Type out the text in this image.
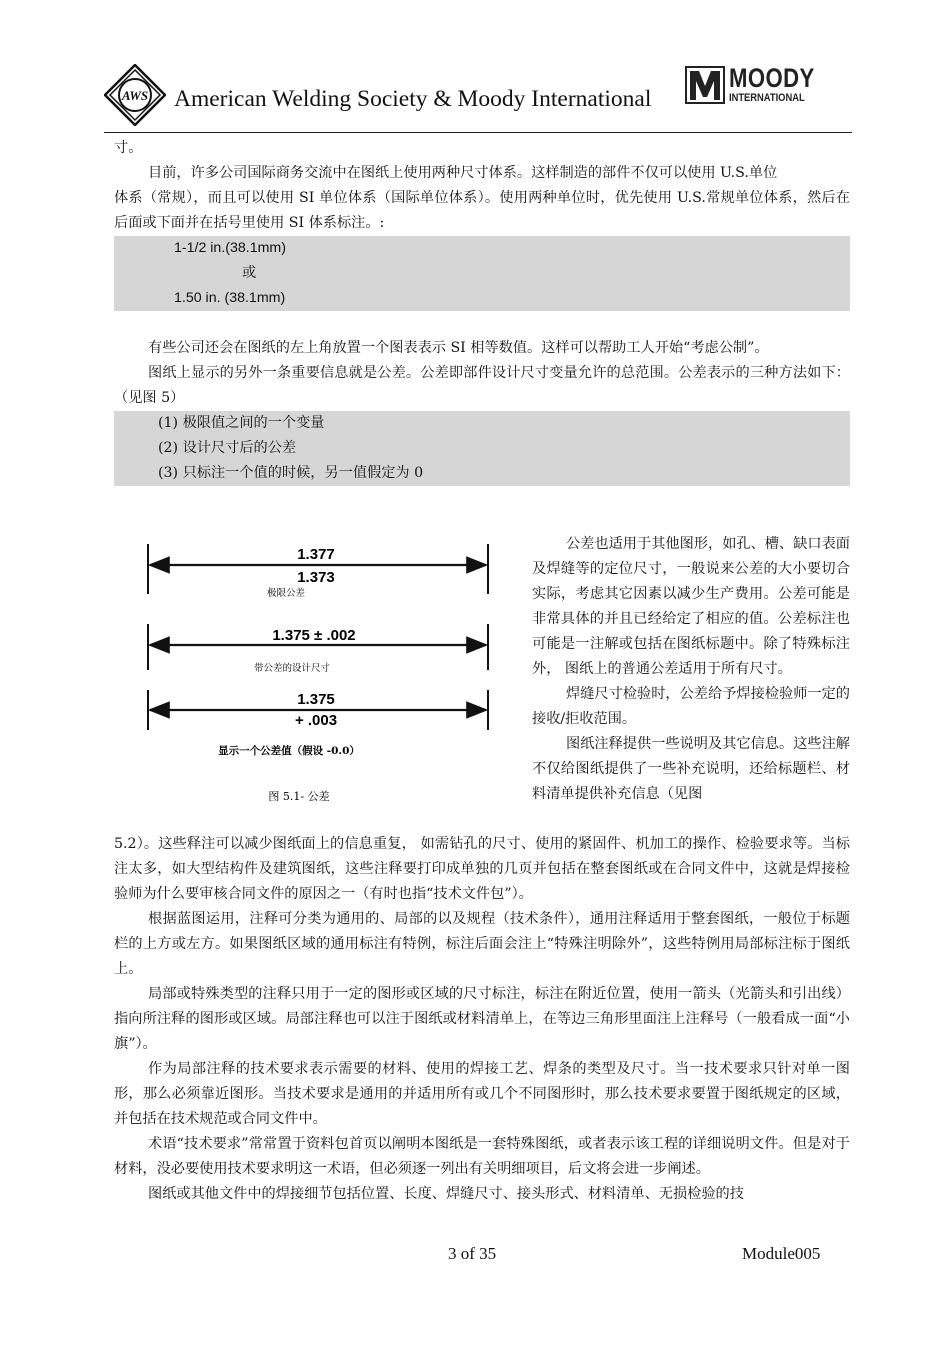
AWS American Welding Society & Moody International
MOODY
INTERNATIONAL

寸。

目前，许多公司国际商务交流中在图纸上使用两种尺寸体系。这样制造的部件不仅可以使用 U.S.单位

体系（常规），而且可以使用 SI 单位体系（国际单位体系）。使用两种单位时，优先使用 U.S.常规单位体系，然后在后面或下面并在括号里使用 SI 体系标注。:

1-1/2 in.(38.1mm)
或
1.50 in. (38.1mm)

有些公司还会在图纸的左上角放置一个图表表示 SI 相等数值。这样可以帮助工人开始“考虑公制”。

图纸上显示的另外一条重要信息就是公差。公差即部件设计尺寸变量允许的总范围。公差表示的三种方法如下：（见图 5）

(1) 极限值之间的一个变量
(2) 设计尺寸后的公差
(3) 只标注一个值的时候，另一值假定为 0
1.377
1.373
极限公差
1.375 ± .002
带公差的设计尺寸
1.375
+ .003
显示一个公差值（假设 -0.0）
图 5.1- 公差

公差也适用于其他图形，如孔、槽、缺口表面及焊缝等的定位尺寸，一般说来公差的大小要切合实际，考虑其它因素以减少生产费用。公差可能是非常具体的并且已经给定了相应的值。公差标注也可能是一注解或包括在图纸标题中。除了特殊标注外， 图纸上的普通公差适用于所有尺寸。

焊缝尺寸检验时，公差给予焊接检验师一定的接收/拒收范围。

图纸注释提供一些说明及其它信息。这些注解不仅给图纸提供了一些补充说明，还给标题栏、材料清单提供补充信息（见图

5.2）。这些释注可以减少图纸面上的信息重复， 如需钻孔的尺寸、使用的紧固件、机加工的操作、检验要求等。当标注太多，如大型结构件及建筑图纸，这些注释要打印成单独的几页并包括在整套图纸或在合同文件中，这就是焊接检验师为什么要审核合同文件的原因之一（有时也指“技术文件包”）。

根据蓝图运用，注释可分类为通用的、局部的以及规程（技术条件），通用注释适用于整套图纸，一般位于标题栏的上方或左方。如果图纸区域的通用标注有特例，标注后面会注上“特殊注明除外”，这些特例用局部标注标于图纸上。

局部或特殊类型的注释只用于一定的图形或区域的尺寸标注，标注在附近位置，使用一箭头（光箭头和引出线）指向所注释的图形或区域。局部注释也可以注于图纸或材料清单上，在等边三角形里面注上注释号（一般看成一面“小旗”）。

作为局部注释的技术要求表示需要的材料、使用的焊接工艺、焊条的类型及尺寸。当一技术要求只针对单一图形，那么必须靠近图形。当技术要求是通用的并适用所有或几个不同图形时，那么技术要求要置于图纸规定的区域，并包括在技术规范或合同文件中。

术语“技术要求”常常置于资料包首页以阐明本图纸是一套特殊图纸，或者表示该工程的详细说明文件。但是对于材料，没必要使用技术要求明这一术语，但必须逐一列出有关明细项目，后文将会进一步阐述。

图纸或其他文件中的焊接细节包括位置、长度、焊缝尺寸、接头形式、材料清单、无损检验的技

3 of 35	Module005
